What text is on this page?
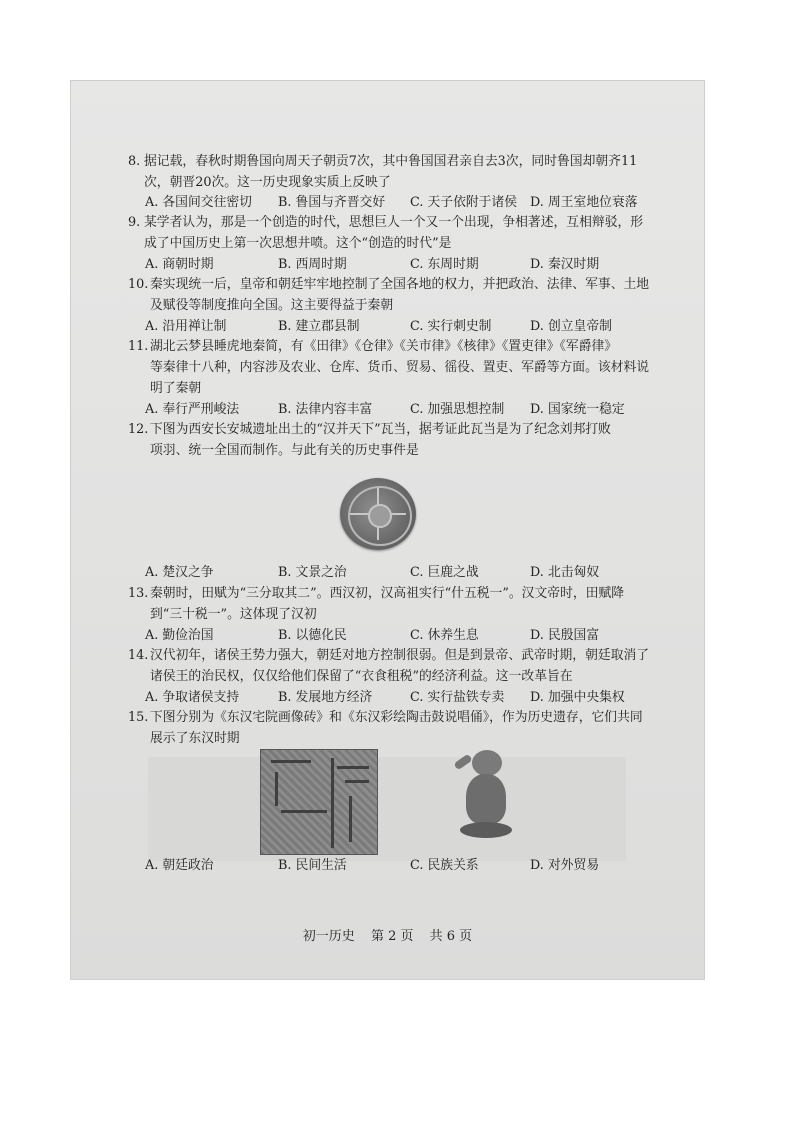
8. 据记载，春秋时期鲁国向周天子朝贡7次，其中鲁国国君亲自去3次，同时鲁国却朝齐11
次，朝晋20次。这一历史现象实质上反映了
A. 各国间交往密切 B. 鲁国与齐晋交好 C. 天子依附于诸侯 D. 周王室地位衰落
9. 某学者认为，那是一个创造的时代，思想巨人一个又一个出现，争相著述，互相辩驳，形
成了中国历史上第一次思想井喷。这个“创造的时代”是
A. 商朝时期	B. 西周时期	C. 东周时期	D. 秦汉时期
10. 秦实现统一后，皇帝和朝廷牢牢地控制了全国各地的权力，并把政治、法律、军事、土地
及赋役等制度推向全国。这主要得益于秦朝
A. 沿用禅让制	B. 建立郡县制	C. 实行刺史制	D. 创立皇帝制
11. 湖北云梦县睡虎地秦简，有《田律》《仓律》《关市律》《核律》《置吏律》《军爵律》
等秦律十八种，内容涉及农业、仓库、货币、贸易、徭役、置吏、军爵等方面。该材料说
明了秦朝
A. 奉行严刑峻法	B. 法律内容丰富	C. 加强思想控制 D. 国家统一稳定
12. 下图为西安长安城遗址出土的“汉并天下”瓦当，据考证此瓦当是为了纪念刘邦打败
项羽、统一全国而制作。与此有关的历史事件是
A. 楚汉之争	B. 文景之治	C. 巨鹿之战	D. 北击匈奴
13. 秦朝时，田赋为“三分取其二”。西汉初，汉高祖实行“什五税一”。汉文帝时，田赋降
到“三十税一”。这体现了汉初
A. 勤俭治国	B. 以德化民	C. 休养生息	D. 民殷国富
14. 汉代初年，诸侯王势力强大，朝廷对地方控制很弱。但是到景帝、武帝时期，朝廷取消了
诸侯王的治民权，仅仅给他们保留了“衣食租税”的经济利益。这一改革旨在
A. 争取诸侯支持	B. 发展地方经济	C. 实行盐铁专卖 D. 加强中央集权
15. 下图分别为《东汉宅院画像砖》和《东汉彩绘陶击鼓说唱俑》，作为历史遗存，它们共同
展示了东汉时期
A. 朝廷政治	B. 民间生活	C. 民族关系	D. 对外贸易
初一历史 第 2 页 共 6 页
